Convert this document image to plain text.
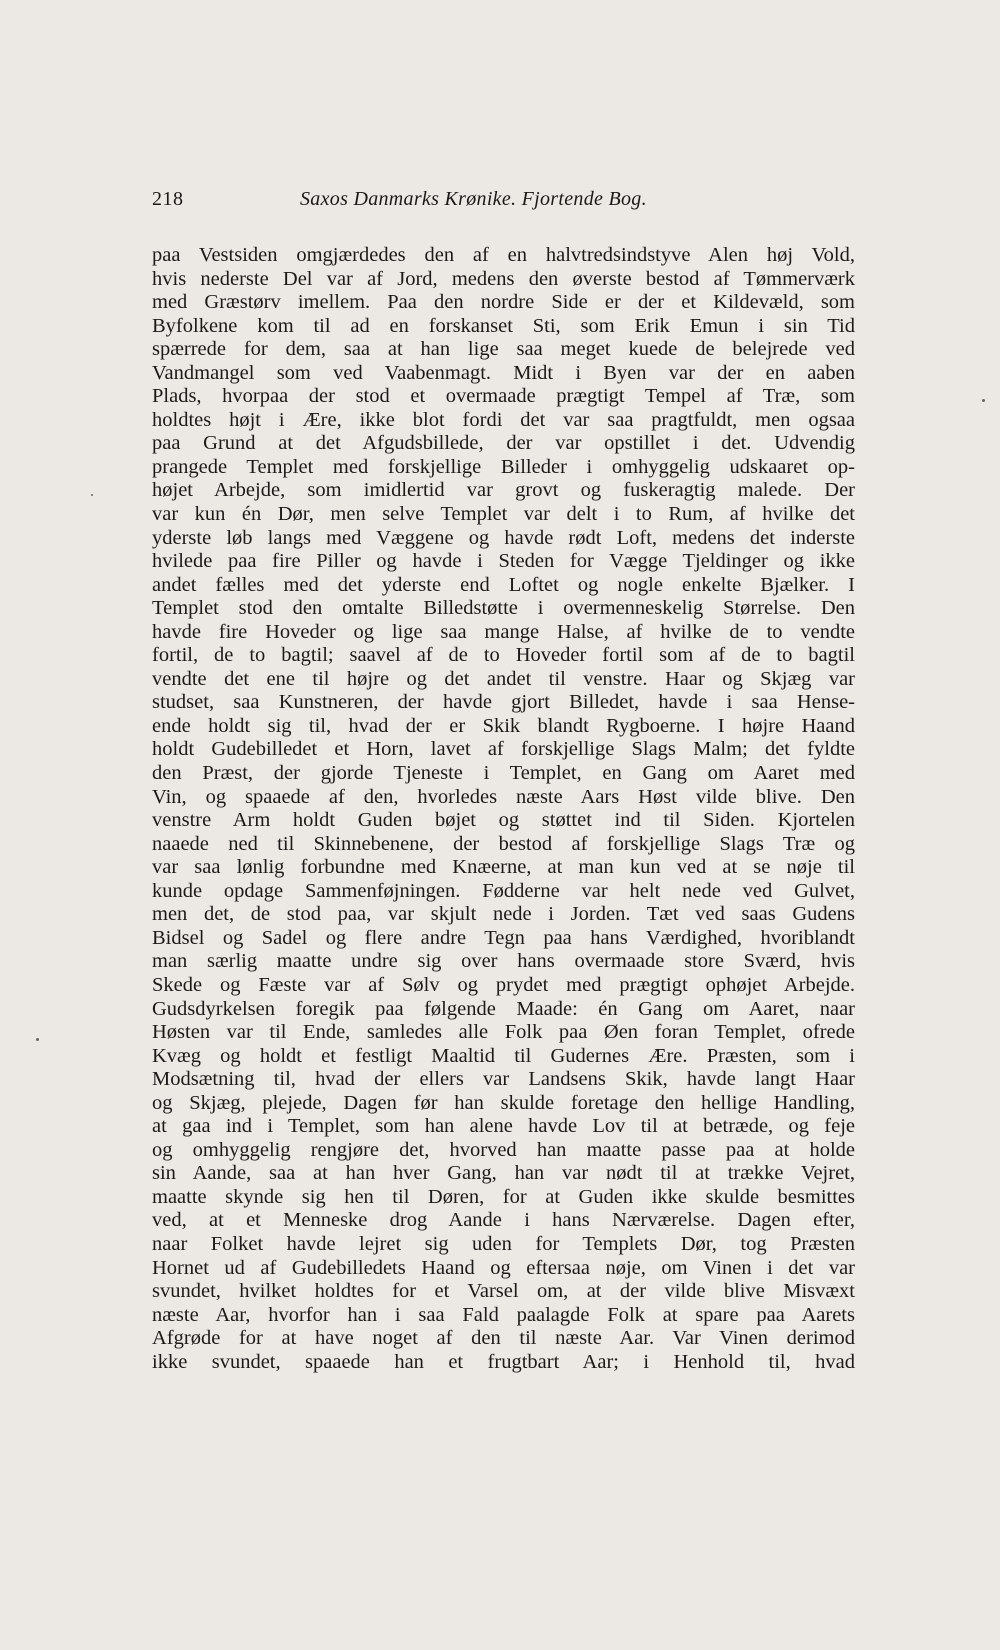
218	Saxos Danmarks Krønike. Fjortende Bog.
paa Vestsiden omgjærdedes den af en halvtredsindstyve Alen høj Vold,
hvis nederste Del var af Jord, medens den øverste bestod af Tømmerværk
med Græstørv imellem. Paa den nordre Side er der et Kildevæld, som
Byfolkene kom til ad en forskanset Sti, som Erik Emun i sin Tid
spærrede for dem, saa at han lige saa meget kuede de belejrede ved
Vandmangel som ved Vaabenmagt. Midt i Byen var der en aaben
Plads, hvorpaa der stod et overmaade prægtigt Tempel af Træ, som
holdtes højt i Ære, ikke blot fordi det var saa pragtfuldt, men ogsaa
paa Grund at det Afgudsbillede, der var opstillet i det. Udvendig
prangede Templet med forskjellige Billeder i omhyggelig udskaaret op-
højet Arbejde, som imidlertid var grovt og fuskeragtig malede. Der
var kun én Dør, men selve Templet var delt i to Rum, af hvilke det
yderste løb langs med Væggene og havde rødt Loft, medens det inderste
hvilede paa fire Piller og havde i Steden for Vægge Tjeldinger og ikke
andet fælles med det yderste end Loftet og nogle enkelte Bjælker. I
Templet stod den omtalte Billedstøtte i overmenneskelig Størrelse. Den
havde fire Hoveder og lige saa mange Halse, af hvilke de to vendte
fortil, de to bagtil; saavel af de to Hoveder fortil som af de to bagtil
vendte det ene til højre og det andet til venstre. Haar og Skjæg var
studset, saa Kunstneren, der havde gjort Billedet, havde i saa Hense-
ende holdt sig til, hvad der er Skik blandt Rygboerne. I højre Haand
holdt Gudebilledet et Horn, lavet af forskjellige Slags Malm; det fyldte
den Præst, der gjorde Tjeneste i Templet, en Gang om Aaret med
Vin, og spaaede af den, hvorledes næste Aars Høst vilde blive. Den
venstre Arm holdt Guden bøjet og støttet ind til Siden. Kjortelen
naaede ned til Skinnebenene, der bestod af forskjellige Slags Træ og
var saa lønlig forbundne med Knæerne, at man kun ved at se nøje til
kunde opdage Sammenføjningen. Fødderne var helt nede ved Gulvet,
men det, de stod paa, var skjult nede i Jorden. Tæt ved saas Gudens
Bidsel og Sadel og flere andre Tegn paa hans Værdighed, hvoriblandt
man særlig maatte undre sig over hans overmaade store Sværd, hvis
Skede og Fæste var af Sølv og prydet med prægtigt ophøjet Arbejde.
Gudsdyrkelsen foregik paa følgende Maade: én Gang om Aaret, naar
Høsten var til Ende, samledes alle Folk paa Øen foran Templet, ofrede
Kvæg og holdt et festligt Maaltid til Gudernes Ære. Præsten, som i
Modsætning til, hvad der ellers var Landsens Skik, havde langt Haar
og Skjæg, plejede, Dagen før han skulde foretage den hellige Handling,
at gaa ind i Templet, som han alene havde Lov til at betræde, og feje
og omhyggelig rengjøre det, hvorved han maatte passe paa at holde
sin Aande, saa at han hver Gang, han var nødt til at trække Vejret,
maatte skynde sig hen til Døren, for at Guden ikke skulde besmittes
ved, at et Menneske drog Aande i hans Nærværelse. Dagen efter,
naar Folket havde lejret sig uden for Templets Dør, tog Præsten
Hornet ud af Gudebilledets Haand og eftersaa nøje, om Vinen i det var
svundet, hvilket holdtes for et Varsel om, at der vilde blive Misvæxt
næste Aar, hvorfor han i saa Fald paalagde Folk at spare paa Aarets
Afgrøde for at have noget af den til næste Aar. Var Vinen derimod
ikke svundet, spaaede han et frugtbart Aar; i Henhold til, hvad
